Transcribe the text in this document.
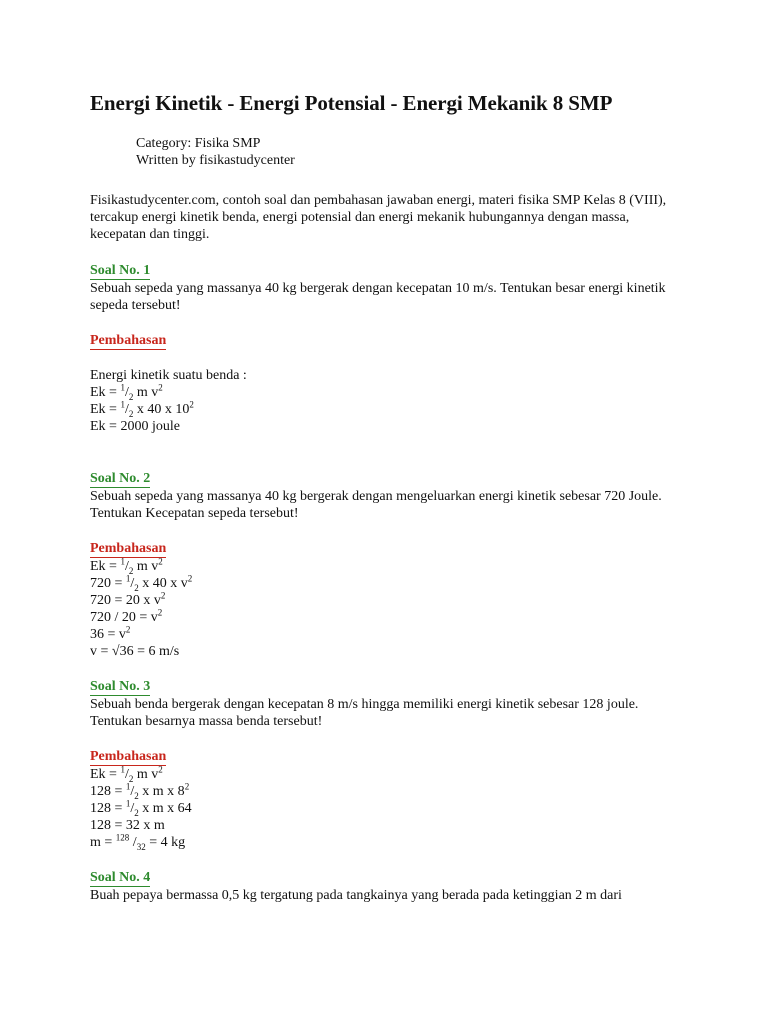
Energi Kinetik - Energi Potensial - Energi Mekanik 8 SMP
Category: Fisika SMP
Written by fisikastudycenter

Fisikastudycenter.com, contoh soal dan pembahasan jawaban energi, materi fisika SMP Kelas 8 (VIII), tercakup energi kinetik benda, energi potensial dan energi mekanik hubungannya dengan massa, kecepatan dan tinggi.

Soal No. 1

Sebuah sepeda yang massanya 40 kg bergerak dengan kecepatan 10 m/s. Tentukan besar energi kinetik sepeda tersebut!

Pembahasan
Energi kinetik suatu benda :
$Ek = ^1/_2$ m $v^2$
$Ek = ^1/_2$ x 40 x $10^2$
Ek = 2000 joule
Soal No. 2

Sebuah sepeda yang massanya 40 kg bergerak dengan mengeluarkan energi kinetik sebesar 720 Joule. Tentukan Kecepatan sepeda tersebut!

Pembahasan
$Ek = ^1/_2$ m $v^2$
$720 = ^1/_2$ x 40 x $v^2$
720 = 20 x $v^2$
$720 / 20 = v^2$
$36 = v^2$
v = √36 = 6 m/s
Soal No. 3

Sebuah benda bergerak dengan kecepatan 8 m/s hingga memiliki energi kinetik sebesar 128 joule. Tentukan besarnya massa benda tersebut!

Pembahasan
$Ek = ^1/_2$ m $v^2$
$128 = ^1/_2$ x m x $8^2$
$128 = ^1/_2$ x m x 64
128 = 32 x m
m = $^{128}$ $/_{32} = 4$ kg
Soal No. 4

Buah pepaya bermassa 0,5 kg tergatung pada tangkainya yang berada pada ketinggian 2 m dari
